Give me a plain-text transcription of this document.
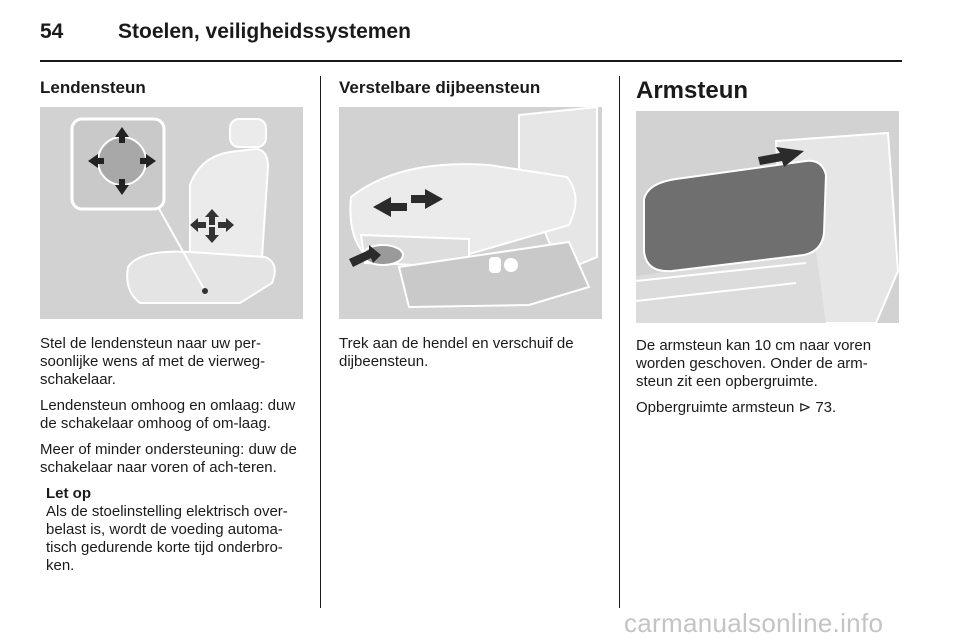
54	Stoelen, veiligheidssystemen
Lendensteun

Stel de lendensteun naar uw per-soonlijke wens af met de vierweg-schakelaar.

Lendensteun omhoog en omlaag: duw de schakelaar omhoog of om-laag.

Meer of minder ondersteuning: duw de schakelaar naar voren of ach-teren.

Let op

Als de stoelinstelling elektrisch over-belast is, wordt de voeding automa-tisch gedurende korte tijd onderbro-ken.

Verstelbare dijbeensteun

Trek aan de hendel en verschuif de dijbeensteun.

Armsteun

De armsteun kan 10 cm naar voren worden geschoven. Onder de arm-steun zit een opbergruimte.

Opbergruimte armsteun ⊳ 73.

carmanualsonline.info
